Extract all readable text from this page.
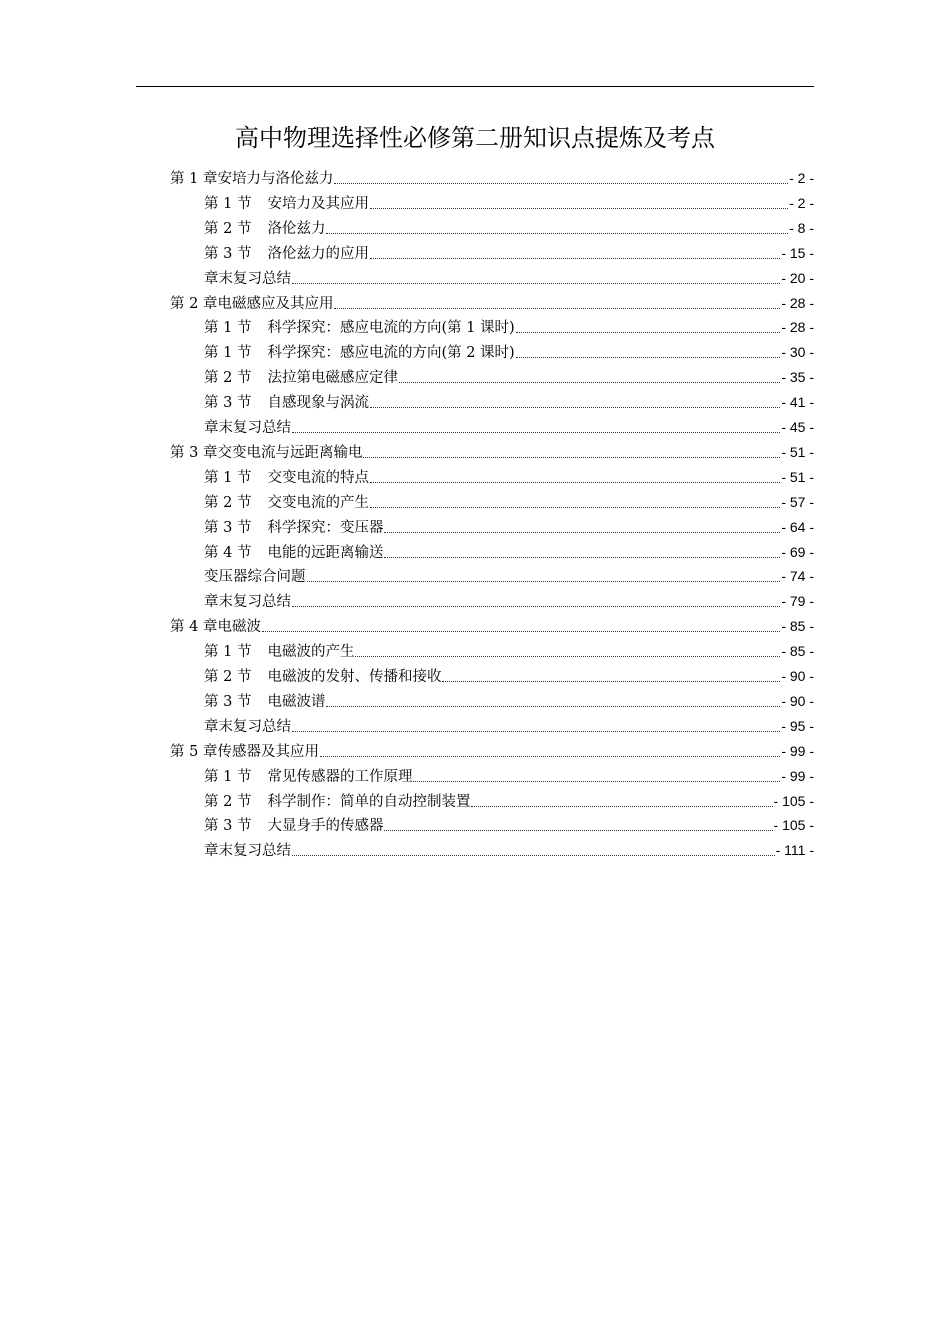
高中物理选择性必修第二册知识点提炼及考点
第 1 章安培力与洛伦兹力	- 2 -
第 1 节 安培力及其应用	- 2 -
第 2 节 洛伦兹力	- 8 -
第 3 节 洛伦兹力的应用	- 15 -
章末复习总结	- 20 -
第 2 章电磁感应及其应用	- 28 -
第 1 节 科学探究：感应电流的方向(第 1 课时)	- 28 -
第 1 节 科学探究：感应电流的方向(第 2 课时)	- 30 -
第 2 节 法拉第电磁感应定律	- 35 -
第 3 节 自感现象与涡流	- 41 -
章末复习总结	- 45 -
第 3 章交变电流与远距离输电	- 51 -
第 1 节 交变电流的特点	- 51 -
第 2 节 交变电流的产生	- 57 -
第 3 节 科学探究：变压器	- 64 -
第 4 节 电能的远距离输送	- 69 -
变压器综合问题	- 74 -
章末复习总结	- 79 -
第 4 章电磁波	- 85 -
第 1 节 电磁波的产生	- 85 -
第 2 节 电磁波的发射、传播和接收	- 90 -
第 3 节 电磁波谱	- 90 -
章末复习总结	- 95 -
第 5 章传感器及其应用	- 99 -
第 1 节 常见传感器的工作原理	- 99 -
第 2 节 科学制作：简单的自动控制装置	- 105 -
第 3 节 大显身手的传感器	- 105 -
章末复习总结	- 111 -
